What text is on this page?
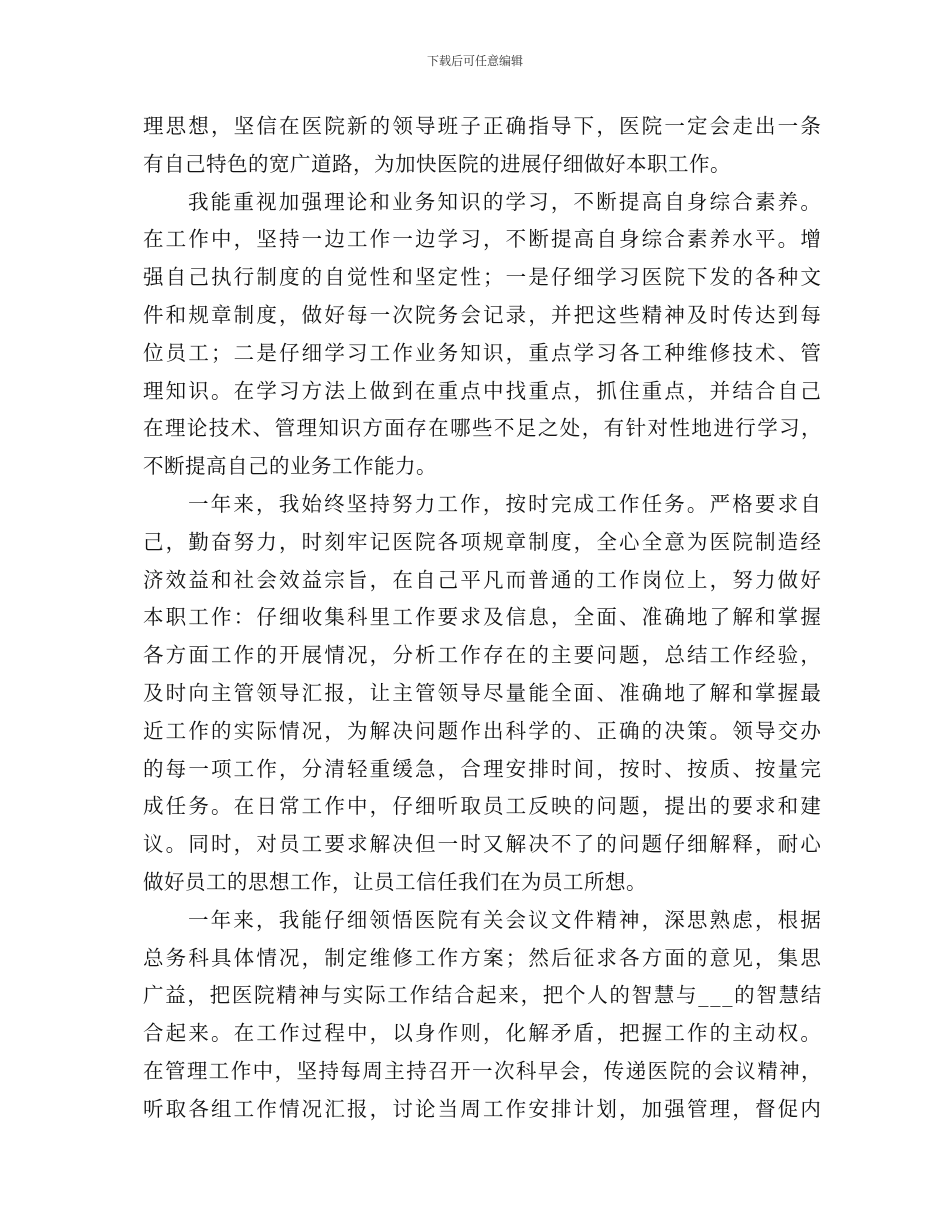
下载后可任意编辑
理思想，坚信在医院新的领导班子正确指导下，医院一定会走出一条
有自己特色的宽广道路，为加快医院的进展仔细做好本职工作。
我能重视加强理论和业务知识的学习，不断提高自身综合素养。
在工作中，坚持一边工作一边学习，不断提高自身综合素养水平。增
强自己执行制度的自觉性和坚定性；一是仔细学习医院下发的各种文
件和规章制度，做好每一次院务会记录，并把这些精神及时传达到每
位员工；二是仔细学习工作业务知识，重点学习各工种维修技术、管
理知识。在学习方法上做到在重点中找重点，抓住重点，并结合自己
在理论技术、管理知识方面存在哪些不足之处，有针对性地进行学习，
不断提高自己的业务工作能力。
一年来，我始终坚持努力工作，按时完成工作任务。严格要求自
己，勤奋努力，时刻牢记医院各项规章制度，全心全意为医院制造经
济效益和社会效益宗旨，在自己平凡而普通的工作岗位上，努力做好
本职工作：仔细收集科里工作要求及信息，全面、准确地了解和掌握
各方面工作的开展情况，分析工作存在的主要问题，总结工作经验，
及时向主管领导汇报，让主管领导尽量能全面、准确地了解和掌握最
近工作的实际情况，为解决问题作出科学的、正确的决策。领导交办
的每一项工作，分清轻重缓急，合理安排时间，按时、按质、按量完
成任务。在日常工作中，仔细听取员工反映的问题，提出的要求和建
议。同时，对员工要求解决但一时又解决不了的问题仔细解释，耐心
做好员工的思想工作，让员工信任我们在为员工所想。
一年来，我能仔细领悟医院有关会议文件精神，深思熟虑，根据
总务科具体情况，制定维修工作方案；然后征求各方面的意见，集思
广益，把医院精神与实际工作结合起来，把个人的智慧与___的智慧结
合起来。在工作过程中，以身作则，化解矛盾，把握工作的主动权。
在管理工作中，坚持每周主持召开一次科早会，传递医院的会议精神，
听取各组工作情况汇报，讨论当周工作安排计划，加强管理，督促内
